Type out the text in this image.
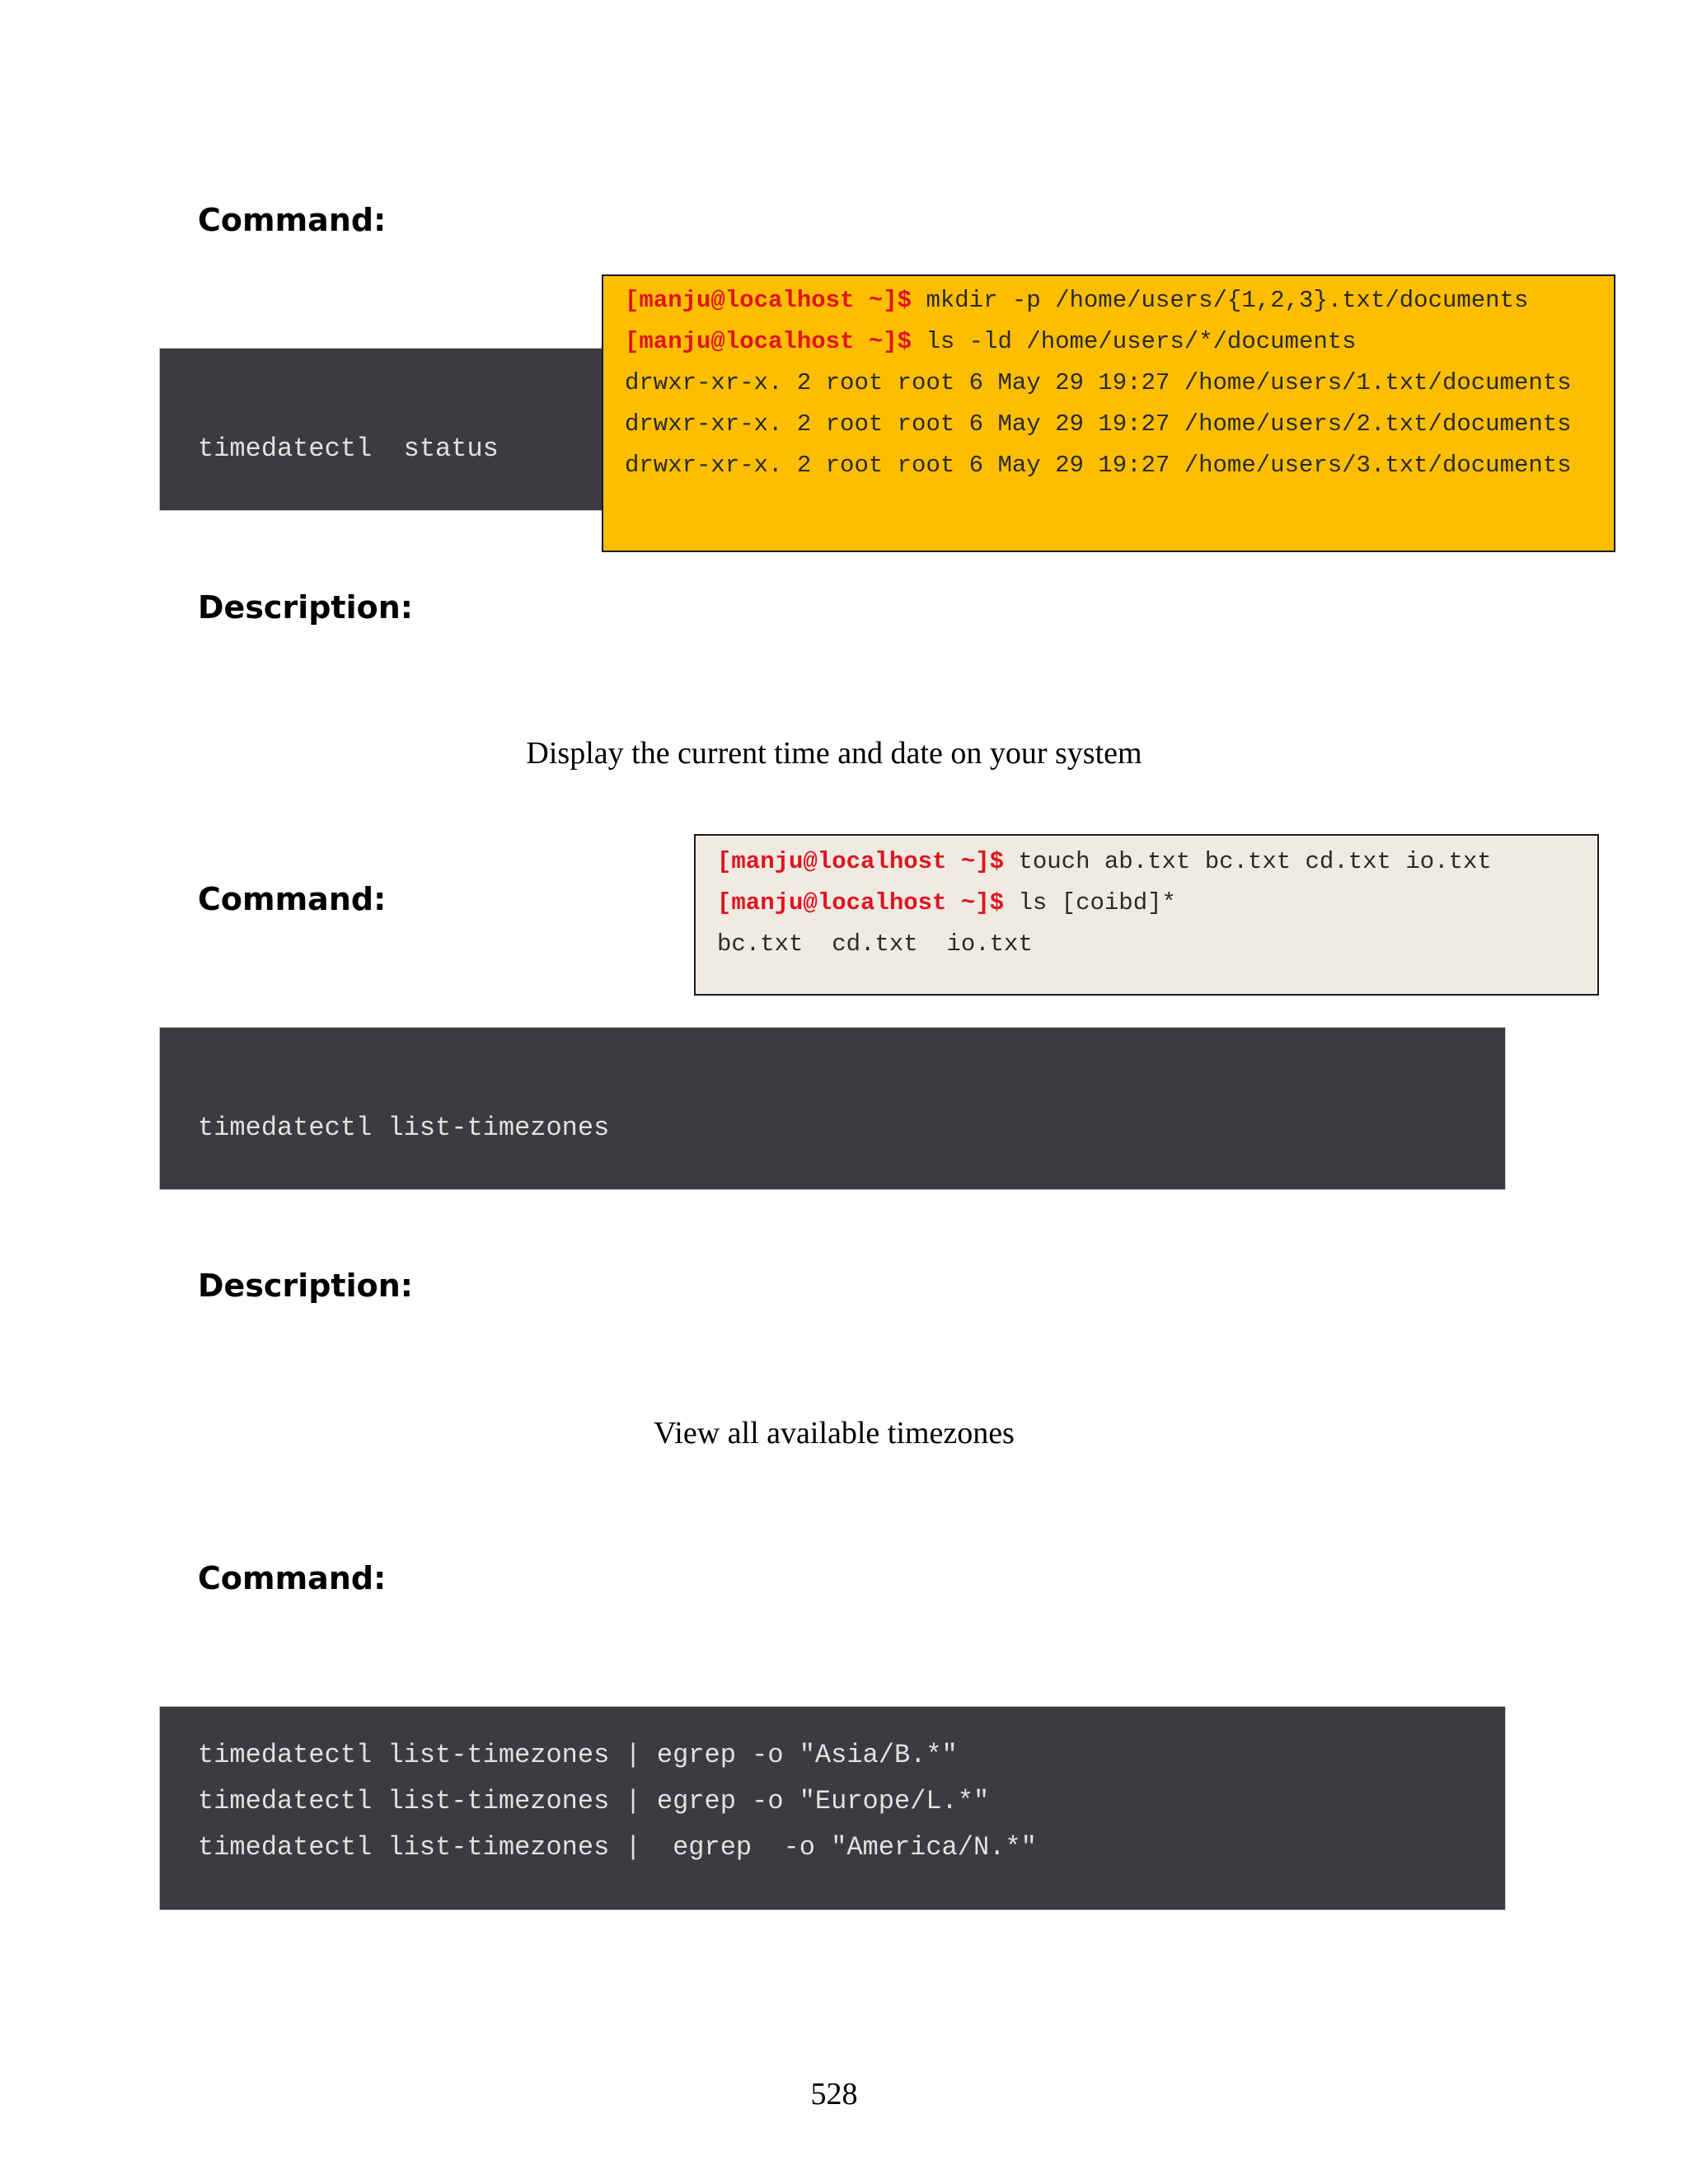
Command:
timedatectl  status
[manju@localhost ~]$ mkdir -p /home/users/{1,2,3}.txt/documents
[manju@localhost ~]$ ls -ld /home/users/*/documents
drwxr-xr-x. 2 root root 6 May 29 19:27 /home/users/1.txt/documents
drwxr-xr-x. 2 root root 6 May 29 19:27 /home/users/2.txt/documents
drwxr-xr-x. 2 root root 6 May 29 19:27 /home/users/3.txt/documents
Description:

Display the current time and date on your system

Command:
[manju@localhost ~]$ touch ab.txt bc.txt cd.txt io.txt
[manju@localhost ~]$ ls [coibd]*
bc.txt  cd.txt  io.txt
timedatectl list-timezones
Description:

View all available timezones

Command:
timedatectl list-timezones | egrep -o "Asia/B.*"
timedatectl list-timezones | egrep -o "Europe/L.*"
timedatectl list-timezones |  egrep  -o "America/N.*"
528
